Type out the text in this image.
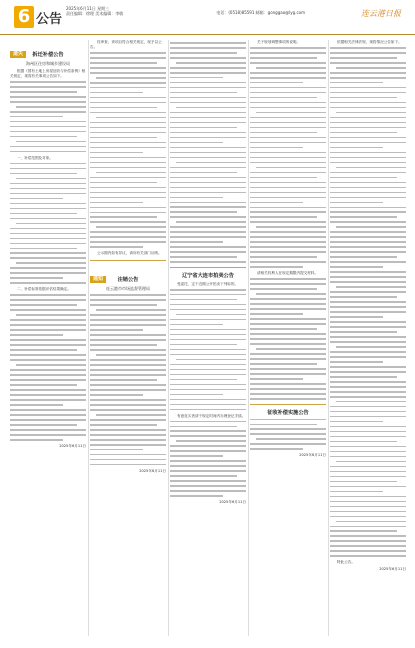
6 公告
2025年6月11日 星期三
责任编辑：徐理 美术编辑：李敏	电话：(0518)85591 邮箱：gonggao@lyg.com	连云港日报
遗失	拆迁补偿公告
海州区住房和城乡建设局

根据《国有土地上房屋征收与补偿条例》相关规定，现将有关事项公告如下。

一、补偿范围及对象。

二、补偿标准依据评估结果确定。

2025年6月11日

经审查，该项目符合相关规定，现予以公告。

公示期内如有异议，请向有关部门反映。

通知	注销公告
连云港市市场监督管理局
2025年6月11日
辽宁省大连市拍卖公告

受委托，定于近期公开拍卖下列标的。

有意竞买者请于规定时间内办理登记手续。

2025年6月11日

关于规划调整事项的说明。

请相关权利人在规定期限内提交材料。

征收补偿实施公告
2025年6月11日

依据相关法律法规，现将情况公告如下。

特此公告。

2025年6月11日
